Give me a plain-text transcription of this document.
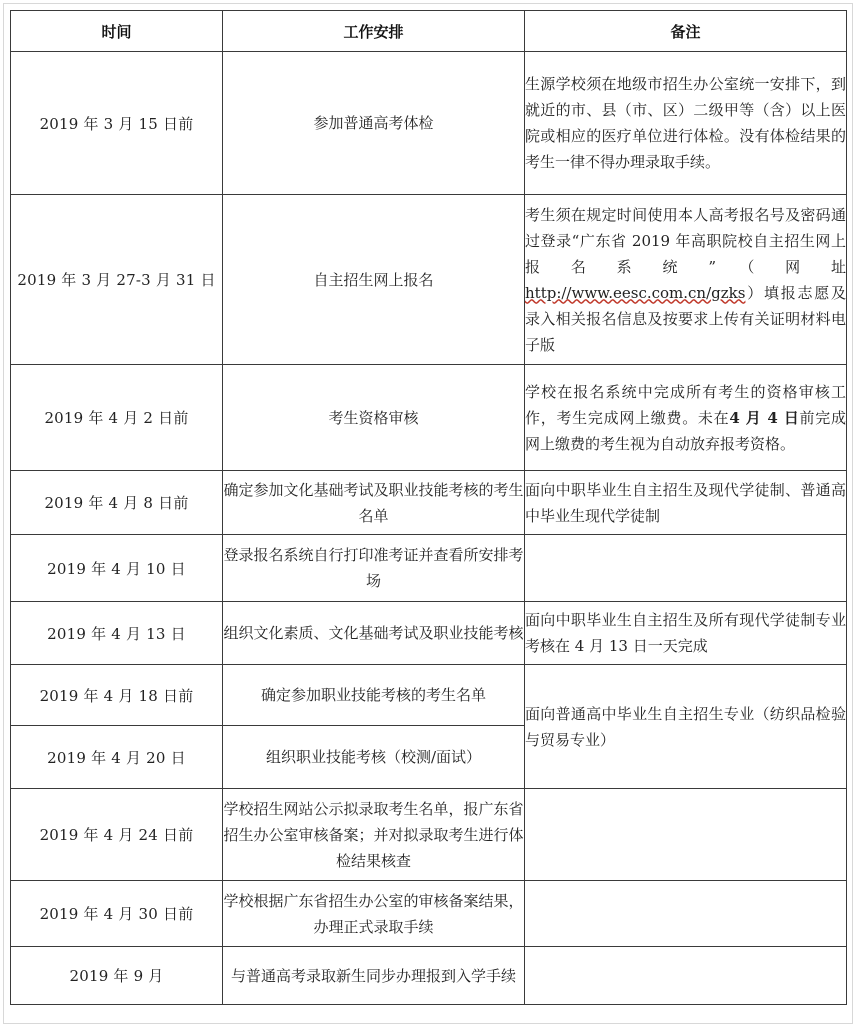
时间	工作安排	备注
2019 年 3 月 15 日前	参加普通高考体检	生源学校须在地级市招生办公室统一安排下，到就近的市、县（市、区）二级甲等（含）以上医院或相应的医疗单位进行体检。没有体检结果的考生一律不得办理录取手续。
2019 年 3 月 27-3 月 31 日	自主招生网上报名	考生须在规定时间使用本人高考报名号及密码通过登录“广东省 2019 年高职院校自主招生网上报名系统”（网址 http://www.eesc.com.cn/gzks）填报志愿及录入相关报名信息及按要求上传有关证明材料电子版
2019 年 4 月 2 日前	考生资格审核	学校在报名系统中完成所有考生的资格审核工作，考生完成网上缴费。未在4 月 4 日前完成网上缴费的考生视为自动放弃报考资格。
2019 年 4 月 8 日前	确定参加文化基础考试及职业技能考核的考生名单	面向中职毕业生自主招生及现代学徒制、普通高中毕业生现代学徒制
2019 年 4 月 10 日	登录报名系统自行打印准考证并查看所安排考场	
2019 年 4 月 13 日	组织文化素质、文化基础考试及职业技能考核	面向中职毕业生自主招生及所有现代学徒制专业考核在 4 月 13 日一天完成
2019 年 4 月 18 日前	确定参加职业技能考核的考生名单	面向普通高中毕业生自主招生专业（纺织品检验与贸易专业）
2019 年 4 月 20 日	组织职业技能考核（校测/面试）	
2019 年 4 月 24 日前	学校招生网站公示拟录取考生名单，报广东省招生办公室审核备案；并对拟录取考生进行体检结果核查	
2019 年 4 月 30 日前	学校根据广东省招生办公室的审核备案结果，办理正式录取手续	
2019 年 9 月	与普通高考录取新生同步办理报到入学手续	
